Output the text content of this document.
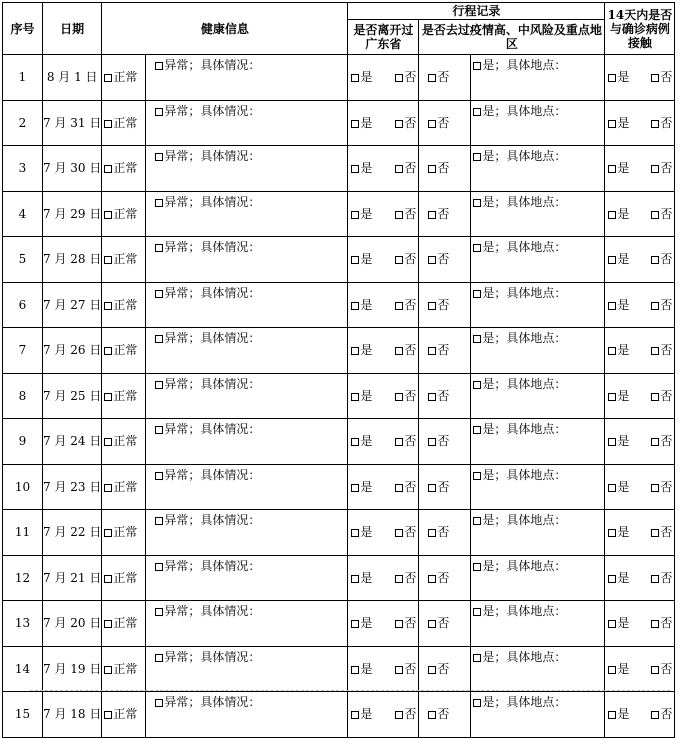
序号	日期	健康信息		行程记录			14天内是否与确诊病例接触
				是否离开过广东省	是否去过疫情高、中风险及重点地区		
1	8 月 1 日	正常	异常；具体情况：	是 否	否	是；具体地点：	是 否

2	7 月 31 日	正常	异常；具体情况：	是 否	否	是；具体地点：	是 否

3	7 月 30 日	正常	异常；具体情况：	是 否	否	是；具体地点：	是 否

4	7 月 29 日	正常	异常；具体情况：	是 否	否	是；具体地点：	是 否

5	7 月 28 日	正常	异常；具体情况：	是 否	否	是；具体地点：	是 否

6	7 月 27 日	正常	异常；具体情况：	是 否	否	是；具体地点：	是 否

7	7 月 26 日	正常	异常；具体情况：	是 否	否	是；具体地点：	是 否

8	7 月 25 日	正常	异常；具体情况：	是 否	否	是；具体地点：	是 否

9	7 月 24 日	正常	异常；具体情况：	是 否	否	是；具体地点：	是 否

10	7 月 23 日	正常	异常；具体情况：	是 否	否	是；具体地点：	是 否

11	7 月 22 日	正常	异常；具体情况：	是 否	否	是；具体地点：	是 否

12	7 月 21 日	正常	异常；具体情况：	是 否	否	是；具体地点：	是 否

13	7 月 20 日	正常	异常；具体情况：	是 否	否	是；具体地点：	是 否

14	7 月 19 日	正常	异常；具体情况：	是 否	否	是；具体地点：	是 否

15	7 月 18 日	正常	异常；具体情况：	是 否	否	是；具体地点：	是 否
